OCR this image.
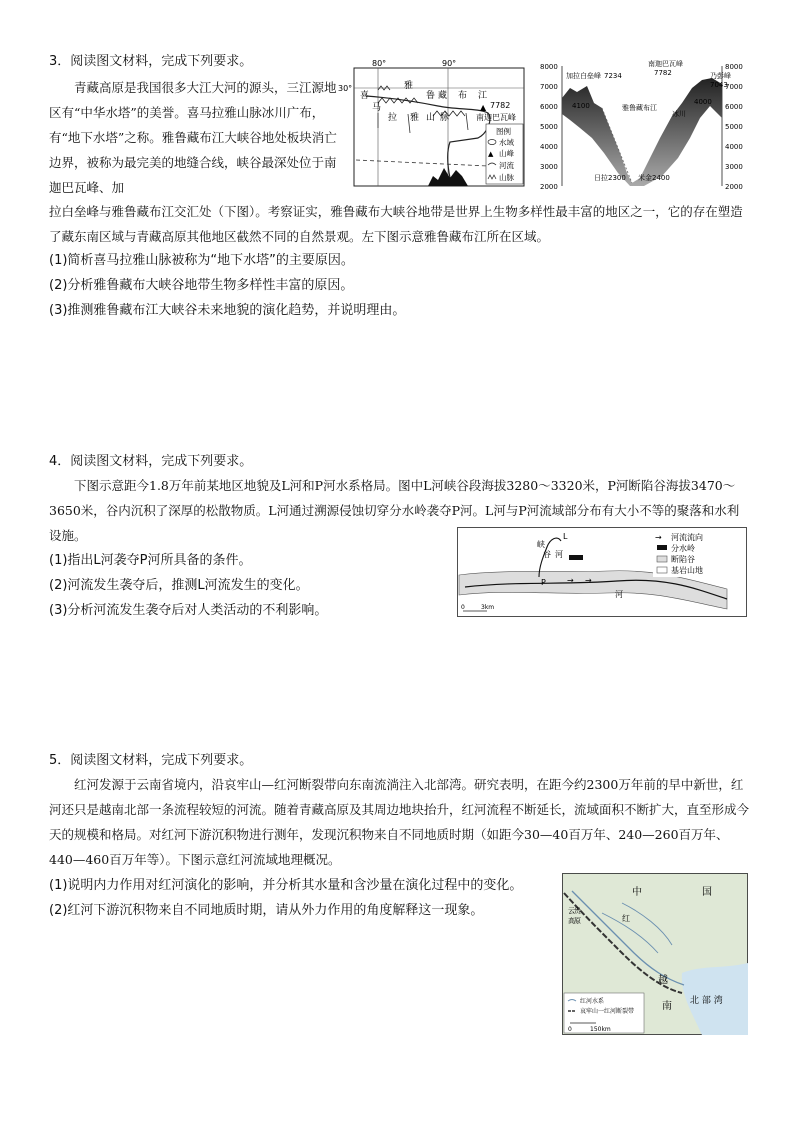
3．阅读图文材料，完成下列要求。

青藏高原是我国很多大江大河的源头，三江源地区有“中华水塔”的美誉。喜马拉雅山脉冰川广布，有“地下水塔”之称。雅鲁藏布江大峡谷地处板块消亡边界，被称为最完美的地缝合线，峡谷最深处位于南迦巴瓦峰、加

拉白垒峰与雅鲁藏布江交汇处（下图）。考察证实，雅鲁藏布大峡谷地带是世界上生物多样性最丰富的地区之一，它的存在塑造了藏东南区域与青藏高原其他地区截然不同的自然景观。左下图示意雅鲁藏布江所在区域。

(1)简析喜马拉雅山脉被称为“地下水塔”的主要原因。
(2)分析雅鲁藏布大峡谷地带生物多样性丰富的原因。
(3)推测雅鲁藏布江大峡谷未来地貌的演化趋势，并说明理由。
80°	90°
30°	雅
鲁 藏 布 江
喜
马
拉 雅 山 脉
▲ 7782
南迦巴瓦峰
图例
水域
▲ 山峰
河流
山脉
8000
7000
6000
5000
4000
3000
2000
8000
7000
6000
5000
4000
3000
2000
加拉白垒峰 7234
南迦巴瓦峰
7782	乃彭峰
7043
4100	4000
雅鲁藏布江
冰川
日拉2300 米金2400
4．阅读图文材料，完成下列要求。

下图示意距今1.8万年前某地区地貌及L河和P河水系格局。图中L河峡谷段海拔3280～3320米，P河断陷谷海拔3470～3650米，谷内沉积了深厚的松散物质。L河通过溯源侵蚀切穿分水岭袭夺P河。L河与P河流域部分布有大小不等的聚落和水利设施。

(1)指出L河袭夺P河所具备的条件。
(2)河流发生袭夺后，推测L河流发生的变化。
(3)分析河流发生袭夺后对人类活动的不利影响。
L
峡
谷 河
P
河
→ →
→ 河流流向
分水岭
断陷谷
基岩山地
0	3km
5．阅读图文材料，完成下列要求。

红河发源于云南省境内，沿哀牢山—红河断裂带向东南流淌注入北部湾。研究表明，在距今约2300万年前的早中新世，红河还只是越南北部一条流程较短的河流。随着青藏高原及其周边地块抬升，红河流程不断延长，流域面积不断扩大，直至形成今天的规模和格局。对红河下游沉积物进行测年，发现沉积物来自不同地质时期（如距今30—40百万年、240—260百万年、440—460百万年等）。下图示意红河流域地理概况。

(1)说明内力作用对红河演化的影响，并分析其水量和含沙量在演化过程中的变化。
(2)红河下游沉积物来自不同地质时期，请从外力作用的角度解释这一现象。
中	国
云 贵
高 原	红
越
南 北 部 湾
红河水系
哀牢山一红河断裂带
0	150km
